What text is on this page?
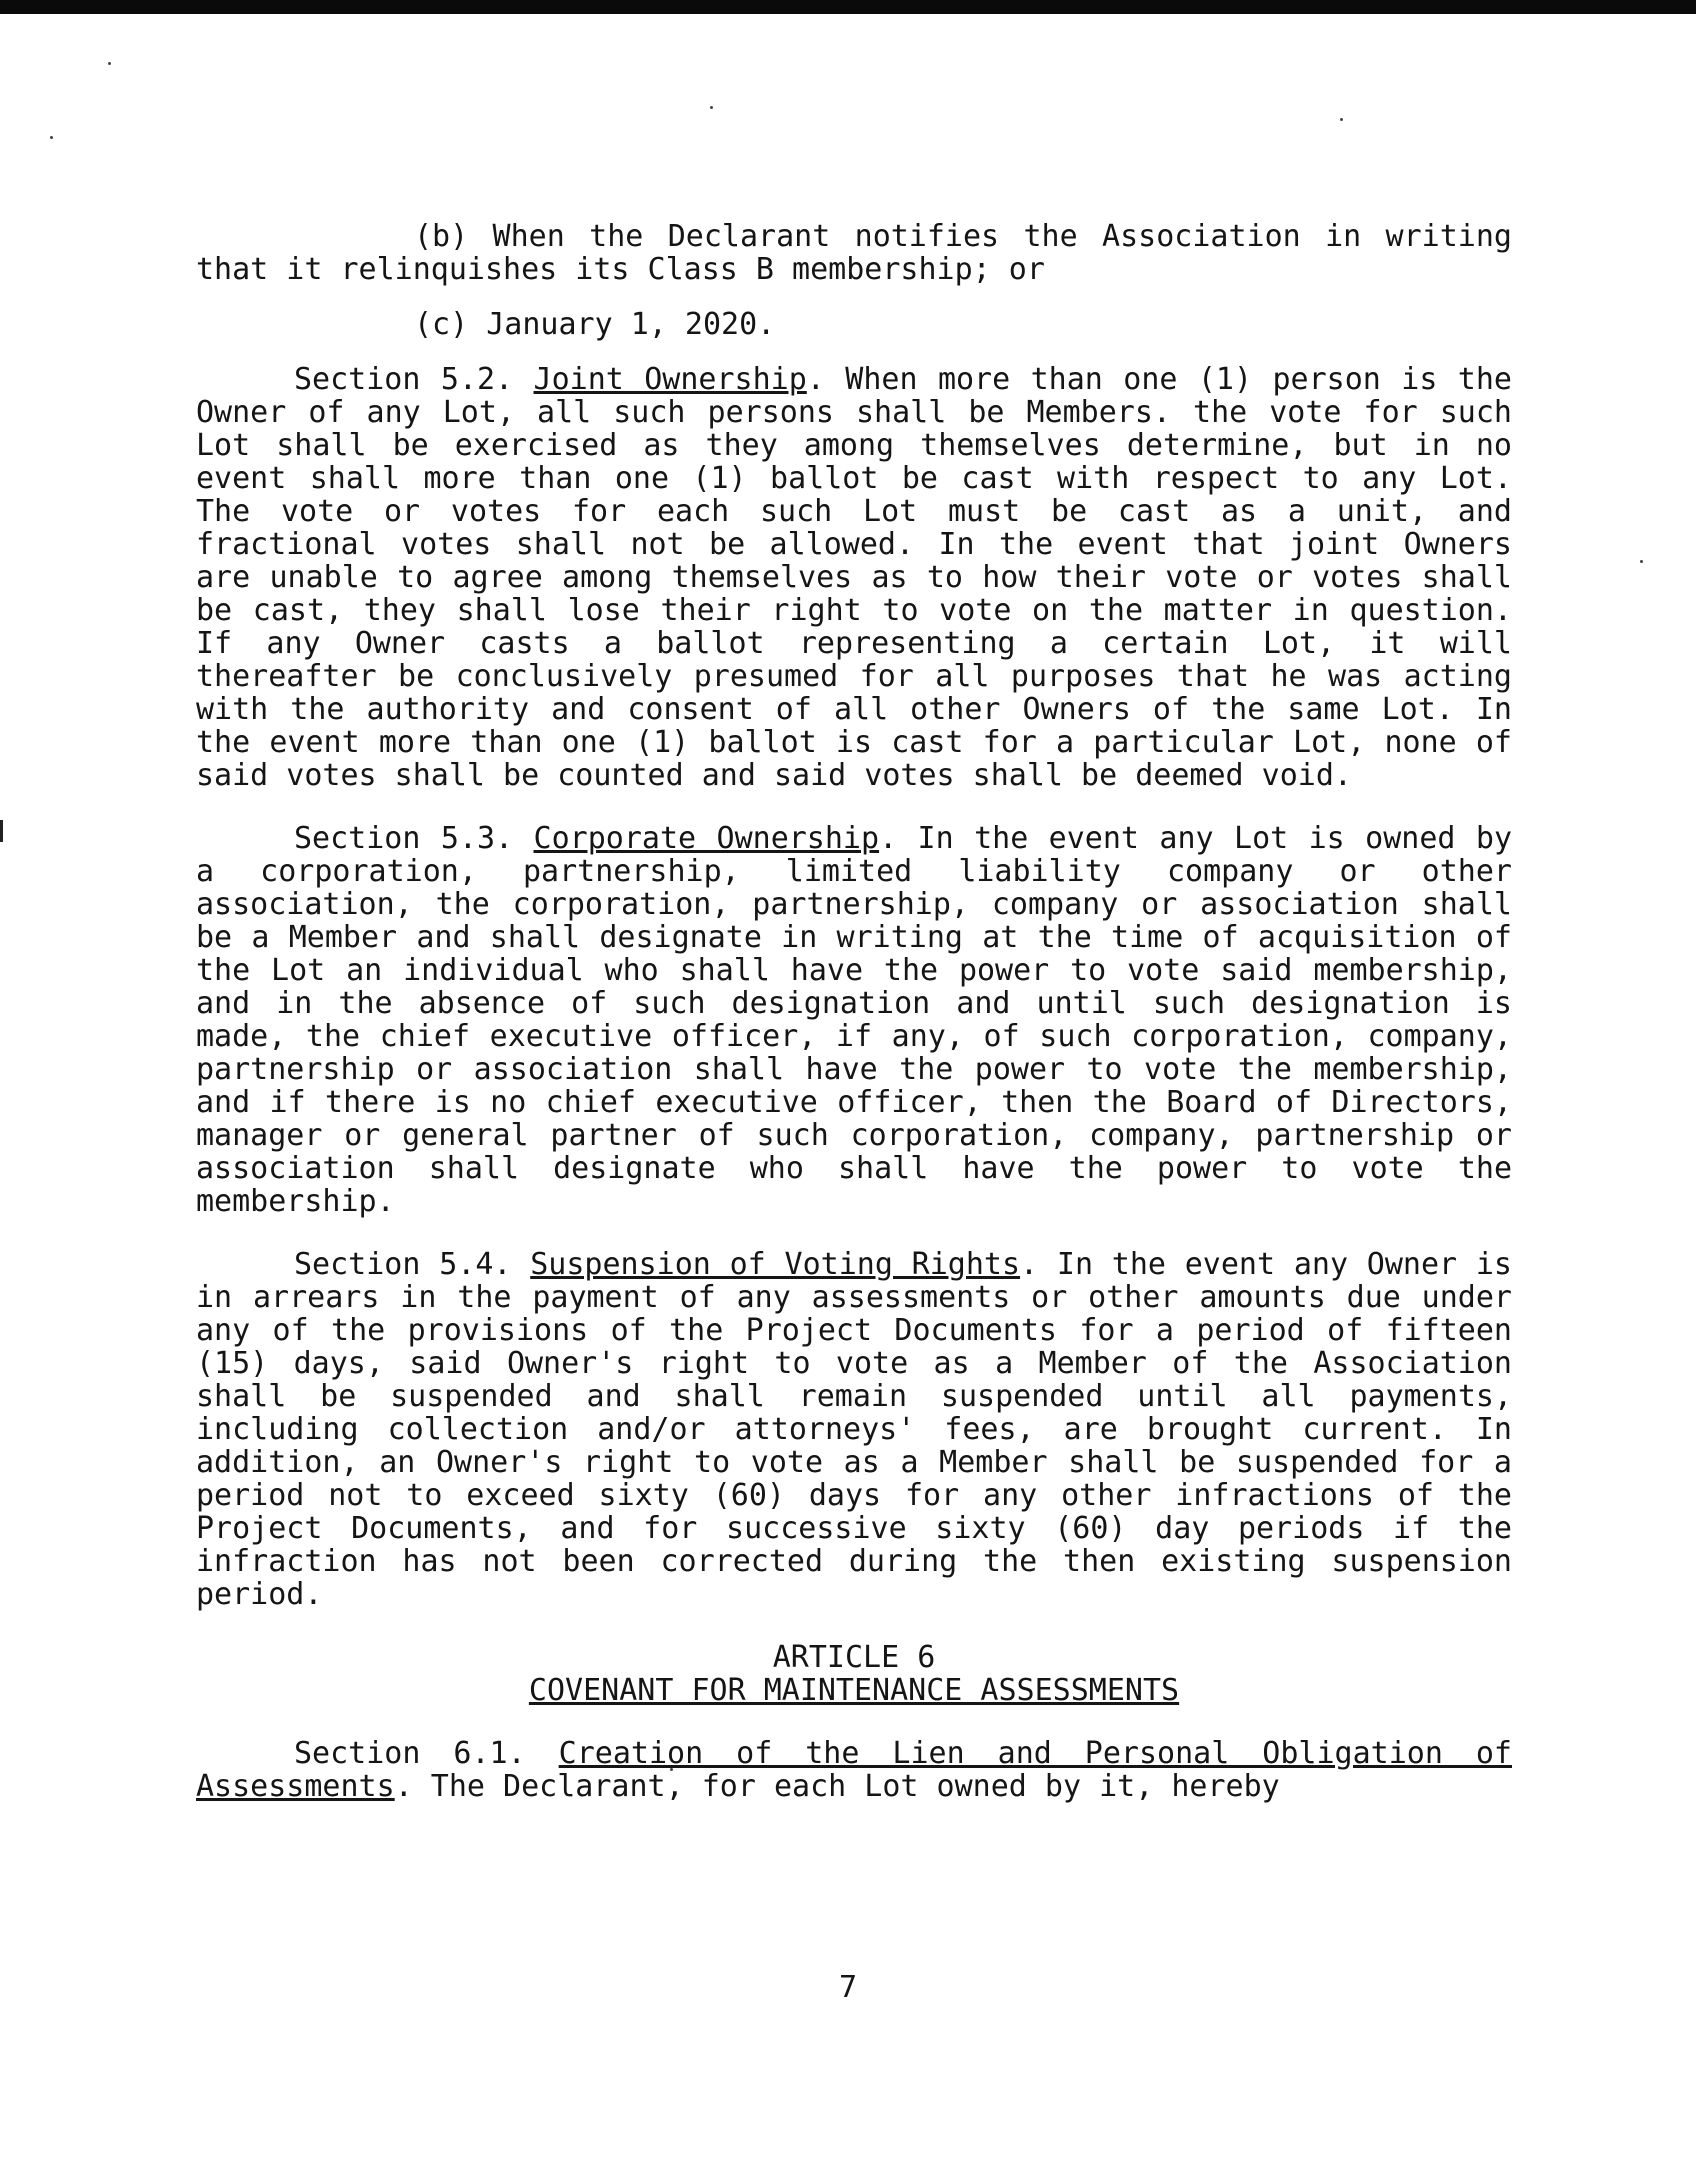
(b) When the Declarant notifies the Association in writing that it relinquishes its Class B membership; or

(c) January 1, 2020.

Section 5.2. Joint Ownership. When more than one (1) person is the Owner of any Lot, all such persons shall be Members. the vote for such Lot shall be exercised as they among themselves determine, but in no event shall more than one (1) ballot be cast with respect to any Lot. The vote or votes for each such Lot must be cast as a unit, and fractional votes shall not be allowed. In the event that joint Owners are unable to agree among themselves as to how their vote or votes shall be cast, they shall lose their right to vote on the matter in question. If any Owner casts a ballot representing a certain Lot, it will thereafter be conclusively presumed for all purposes that he was acting with the authority and consent of all other Owners of the same Lot. In the event more than one (1) ballot is cast for a particular Lot, none of said votes shall be counted and said votes shall be deemed void.

Section 5.3. Corporate Ownership. In the event any Lot is owned by a corporation, partnership, limited liability company or other association, the corporation, partnership, company or association shall be a Member and shall designate in writing at the time of acquisition of the Lot an individual who shall have the power to vote said membership, and in the absence of such designation and until such designation is made, the chief executive officer, if any, of such corporation, company, partnership or association shall have the power to vote the membership, and if there is no chief executive officer, then the Board of Directors, manager or general partner of such corporation, company, partnership or association shall designate who shall have the power to vote the membership.

Section 5.4. Suspension of Voting Rights. In the event any Owner is in arrears in the payment of any assessments or other amounts due under any of the provisions of the Project Documents for a period of fifteen (15) days, said Owner's right to vote as a Member of the Association shall be suspended and shall remain suspended until all payments, including collection and/or attorneys' fees, are brought current. In addition, an Owner's right to vote as a Member shall be suspended for a period not to exceed sixty (60) days for any other infractions of the Project Documents, and for successive sixty (60) day periods if the infraction has not been corrected during the then existing suspension period.

ARTICLE 6

COVENANT FOR MAINTENANCE ASSESSMENTS

Section 6.1. Creation of the Lien and Personal Obligation of Assessments. The Declarant, for each Lot owned by it, hereby

7
